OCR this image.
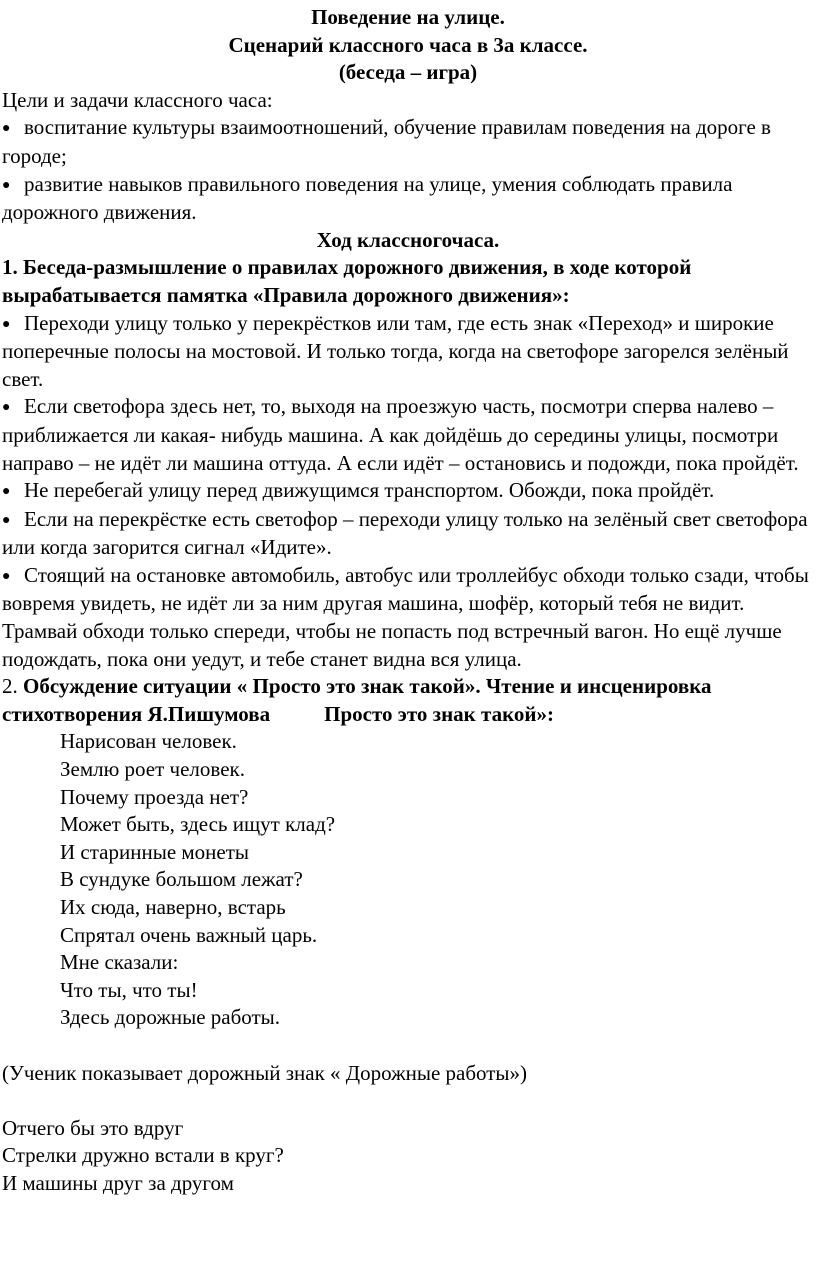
Поведение на улице.

Сценарий классного часа в 3а классе.

(беседа – игра)

Цели и задачи классного часа:

● воспитание культуры взаимоотношений, обучение правилам поведения на дороге в городе;

● развитие навыков правильного поведения на улице, умения соблюдать правила дорожного движения.

Ход классногочаса.

1. Беседа-размышление о правилах дорожного движения, в ходе которой вырабатывается памятка «Правила дорожного движения»:

● Переходи улицу только у перекрёстков или там, где есть знак «Переход» и широкие поперечные полосы на мостовой. И только тогда, когда на светофоре загорелся зелёный свет.

● Если светофора здесь нет, то, выходя на проезжую часть, посмотри сперва налево – приближается ли какая- нибудь машина. А как дойдёшь до середины улицы, посмотри направо – не идёт ли машина оттуда. А если идёт – остановись и подожди, пока пройдёт.

● Не перебегай улицу перед движущимся транспортом. Обожди, пока пройдёт.

● Если на перекрёстке есть светофор – переходи улицу только на зелёный свет светофора или когда загорится сигнал «Идите».

● Стоящий на остановке автомобиль, автобус или троллейбус обходи только сзади, чтобы вовремя увидеть, не идёт ли за ним другая машина, шофёр, который тебя не видит. Трамвай обходи только спереди, чтобы не попасть под встречный вагон. Но ещё лучше подождать, пока они уедут, и тебе станет видна вся улица.

2. Обсуждение ситуации « Просто это знак такой». Чтение и инсценировка стихотворения Я.Пишумова	Просто это знак такой»:

Нарисован человек.

Землю роет человек.

Почему проезда нет?

Может быть, здесь ищут клад?

И старинные монеты

В сундуке большом лежат?

Их сюда, наверно, встарь

Спрятал очень важный царь.

Мне сказали:

Что ты, что ты!

Здесь дорожные работы.

(Ученик показывает дорожный знак « Дорожные работы»)

Отчего бы это вдруг

Стрелки дружно встали в круг?

И машины друг за другом
